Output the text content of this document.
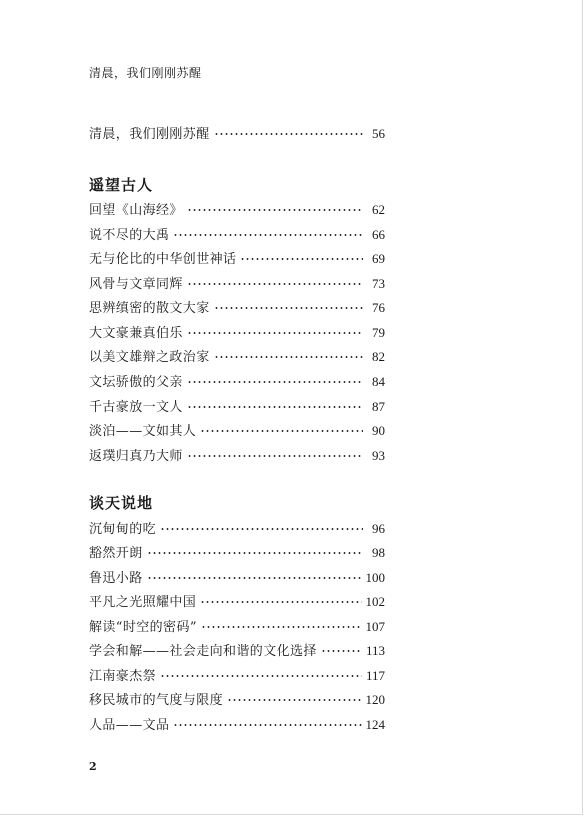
清晨，我们刚刚苏醒
清晨，我们刚刚苏醒	56
遥望古人
回望《山海经》	62
说不尽的大禹	66
无与伦比的中华创世神话	69
风骨与文章同辉	73
思辨缜密的散文大家	76
大文豪兼真伯乐	79
以美文雄辩之政治家	82
文坛骄傲的父亲	84
千古豪放一文人	87
淡泊——文如其人	90
返璞归真乃大师	93
谈天说地
沉甸甸的吃	96
豁然开朗	98
鲁迅小路	100
平凡之光照耀中国	102
解读“时空的密码”	107
学会和解——社会走向和谐的文化选择	113
江南豪杰祭	117
移民城市的气度与限度	120
人品——文品	124
2
